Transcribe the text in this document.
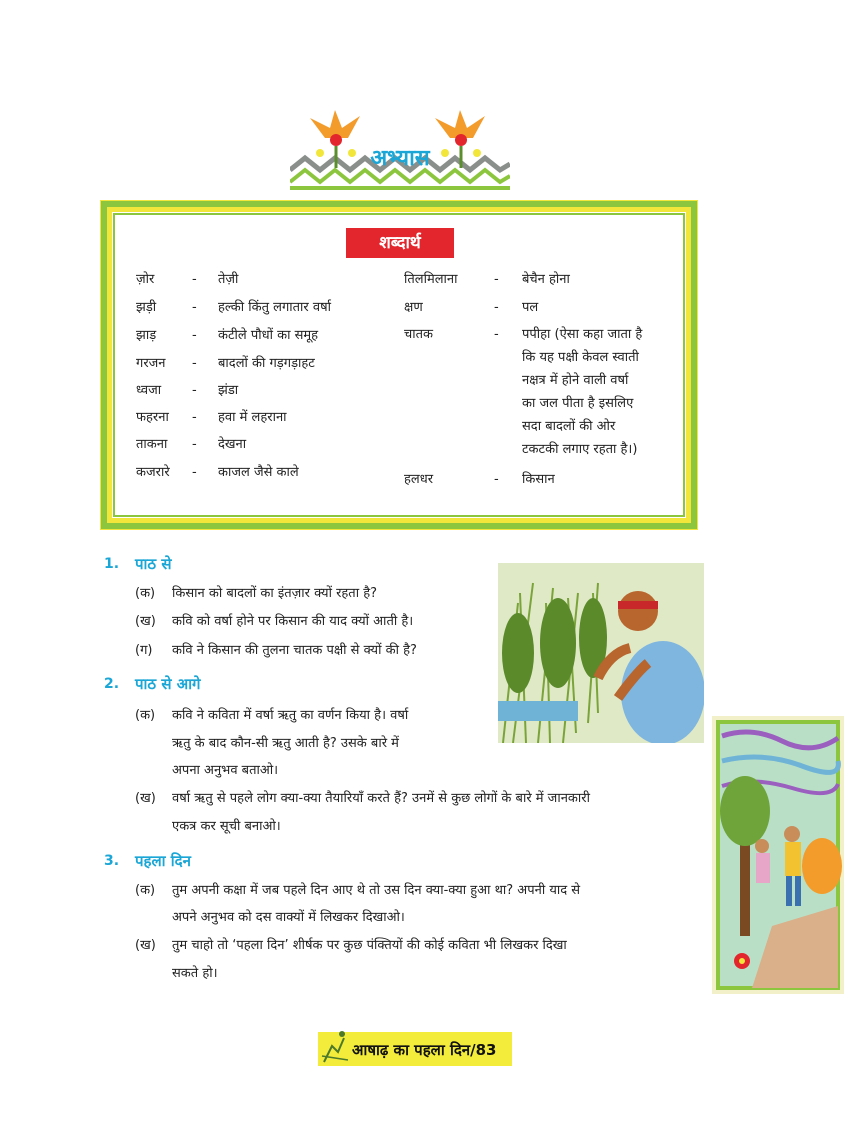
अभ्यास
शब्दार्थ
ज़ोर	- तेज़ी
झड़ी	- हल्की किंतु लगातार वर्षा
झाड़	- कंटीले पौधों का समूह
गरजन - बादलों की गड़गड़ाहट
ध्वजा - झंडा
फहरना - हवा में लहराना
ताकना - देखना
कजरारे - काजल जैसे काले
तिलमिलाना	- बेचैन होना
क्षण	- पल
चातक	- पपीहा (ऐसा कहा जाता है
कि यह पक्षी केवल स्वाती
नक्षत्र में होने वाली वर्षा
का जल पीता है इसलिए
सदा बादलों की ओर
टकटकी लगाए रहता है।)
हलधर	- किसान
1. पाठ से
(क) किसान को बादलों का इंतज़ार क्यों रहता है?
(ख) कवि को वर्षा होने पर किसान की याद क्यों आती है।
(ग) कवि ने किसान की तुलना चातक पक्षी से क्यों की है?
2. पाठ से आगे
(क) कवि ने कविता में वर्षा ऋतु का वर्णन किया है। वर्षा
ऋतु के बाद कौन-सी ऋतु आती है? उसके बारे में
अपना अनुभव बताओ।
(ख) वर्षा ऋतु से पहले लोग क्या-क्या तैयारियाँ करते हैं? उनमें से कुछ लोगों के बारे में जानकारी
एकत्र कर सूची बनाओ।
3. पहला दिन
(क) तुम अपनी कक्षा में जब पहले दिन आए थे तो उस दिन क्या-क्या हुआ था? अपनी याद से
अपने अनुभव को दस वाक्यों में लिखकर दिखाओ।
(ख) तुम चाहो तो ‘पहला दिन’ शीर्षक पर कुछ पंक्तियों की कोई कविता भी लिखकर दिखा
सकते हो।
आषाढ़ का पहला दिन/83
